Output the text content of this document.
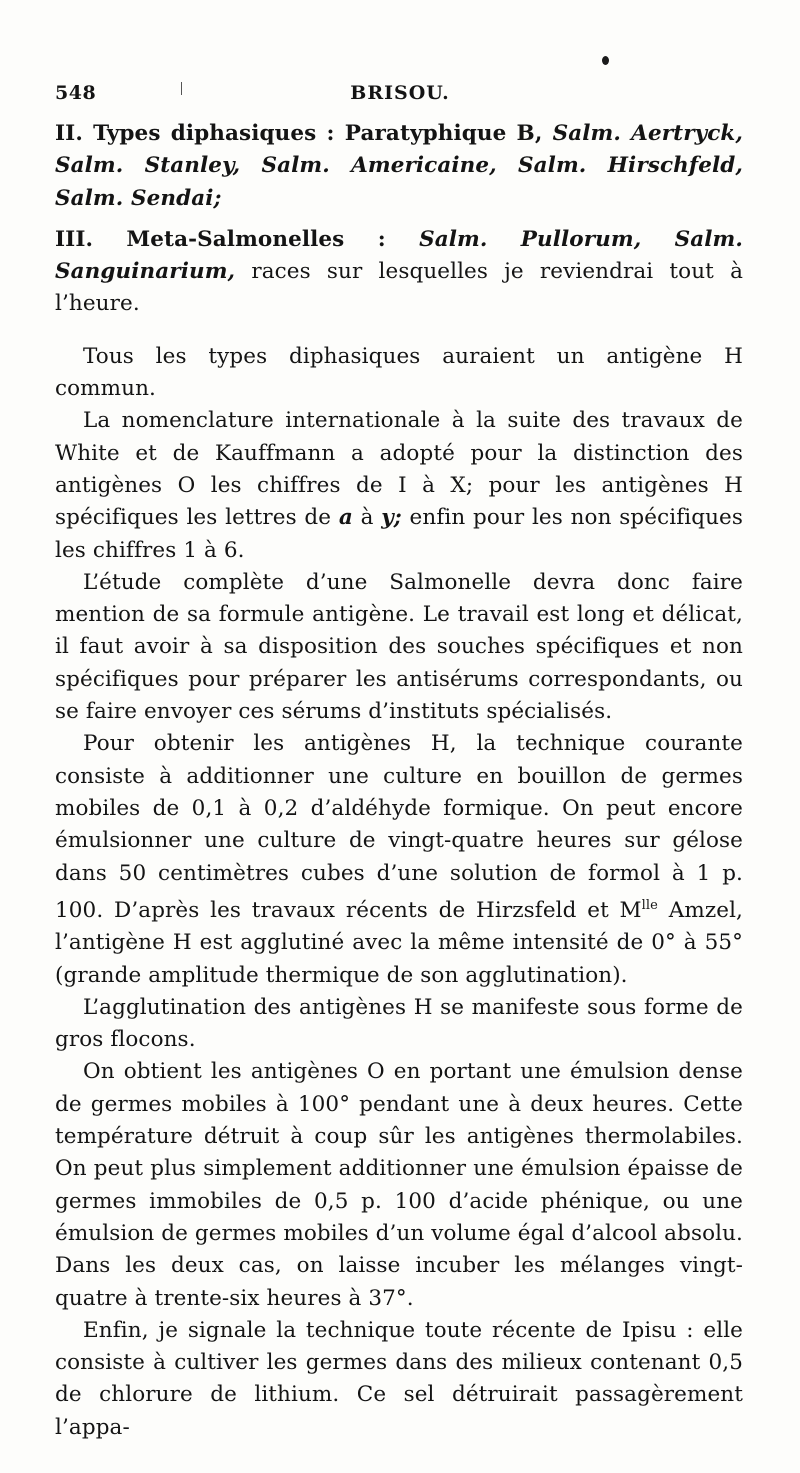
548	BRISOU.

II. Types diphasiques : Paratyphique B, Salm. Aertryck, Salm. Stanley, Salm. Americaine, Salm. Hirschfeld, Salm. Sendai;

III. Meta-Salmonelles : Salm. Pullorum, Salm. Sanguinarium, races sur lesquelles je reviendrai tout à l’heure.

Tous les types diphasiques auraient un antigène H commun.

La nomenclature internationale à la suite des travaux de White et de Kauffmann a adopté pour la distinction des antigènes O les chiffres de I à X; pour les antigènes H spécifiques les lettres de a à y; enfin pour les non spécifiques les chiffres 1 à 6.

L’étude complète d’une Salmonelle devra donc faire mention de sa formule antigène. Le travail est long et délicat, il faut avoir à sa disposition des souches spécifiques et non spécifiques pour préparer les antisérums correspondants, ou se faire envoyer ces sérums d’instituts spécialisés.

Pour obtenir les antigènes H, la technique courante consiste à additionner une culture en bouillon de germes mobiles de 0,1 à 0,2 d’aldéhyde formique. On peut encore émulsionner une culture de vingt-quatre heures sur gélose dans 50 centimètres cubes d’une solution de formol à 1 p. 100. D’après les travaux récents de Hirzsfeld et $M^{lle}$ Amzel, l’antigène H est agglutiné avec la même intensité de 0° à 55° (grande amplitude thermique de son agglutination).

L’agglutination des antigènes H se manifeste sous forme de gros flocons.

On obtient les antigènes O en portant une émulsion dense de germes mobiles à 100° pendant une à deux heures. Cette température détruit à coup sûr les antigènes thermolabiles. On peut plus simplement additionner une émulsion épaisse de germes immobiles de 0,5 p. 100 d’acide phénique, ou une émulsion de germes mobiles d’un volume égal d’alcool absolu. Dans les deux cas, on laisse incuber les mélanges vingt-quatre à trente-six heures à 37°.

Enfin, je signale la technique toute récente de Ipisu : elle consiste à cultiver les germes dans des milieux contenant 0,5 de chlorure de lithium. Ce sel détruirait passagèrement l’appa-
